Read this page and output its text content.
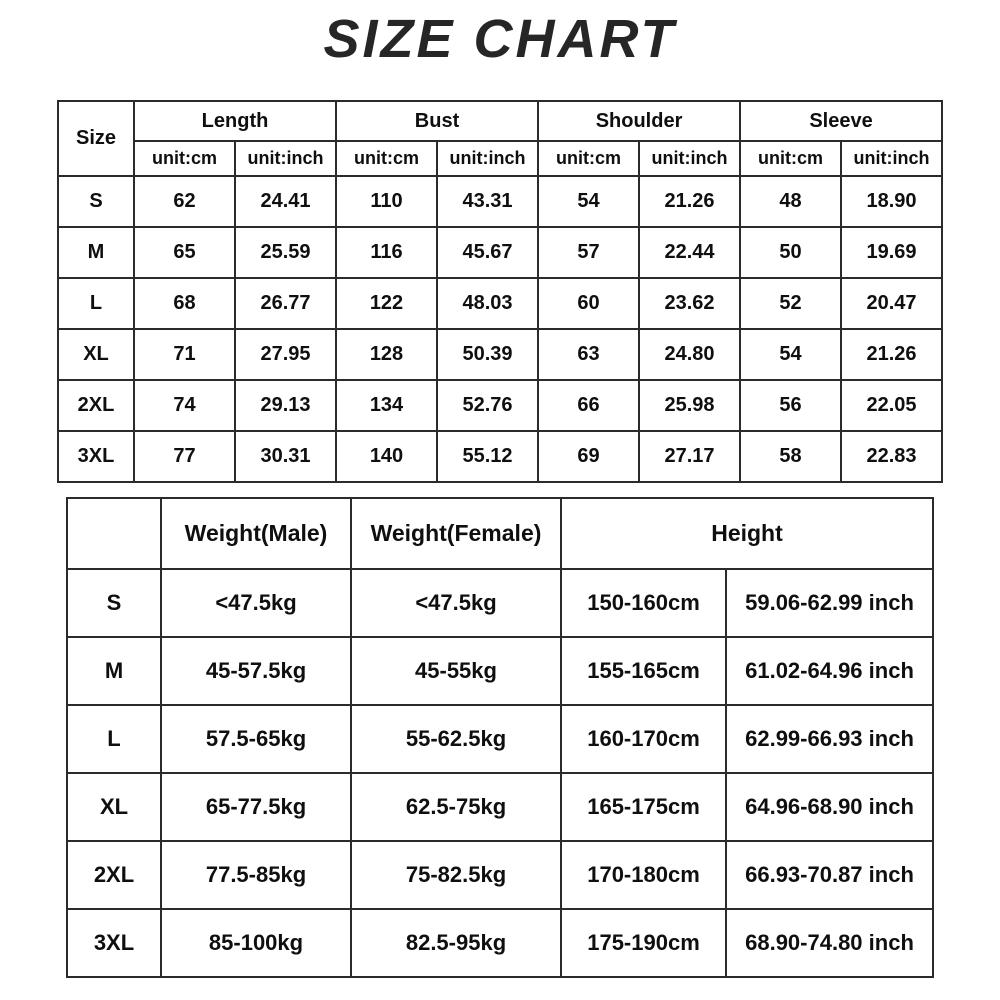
SIZE CHART
Size	Length		Bust		Shoulder		Sleeve	
	unit:cm	unit:inch	unit:cm	unit:inch	unit:cm	unit:inch	unit:cm	unit:inch
S	62	24.41	110	43.31	54	21.26	48	18.90
M	65	25.59	116	45.67	57	22.44	50	19.69
L	68	26.77	122	48.03	60	23.62	52	20.47
XL	71	27.95	128	50.39	63	24.80	54	21.26
2XL	74	29.13	134	52.76	66	25.98	56	22.05
3XL	77	30.31	140	55.12	69	27.17	58	22.83
	Weight(Male)	Weight(Female)	Height	
S	<47.5kg	<47.5kg	150-160cm	59.06-62.99 inch
M	45-57.5kg	45-55kg	155-165cm	61.02-64.96 inch
L	57.5-65kg	55-62.5kg	160-170cm	62.99-66.93 inch
XL	65-77.5kg	62.5-75kg	165-175cm	64.96-68.90 inch
2XL	77.5-85kg	75-82.5kg	170-180cm	66.93-70.87 inch
3XL	85-100kg	82.5-95kg	175-190cm	68.90-74.80 inch
